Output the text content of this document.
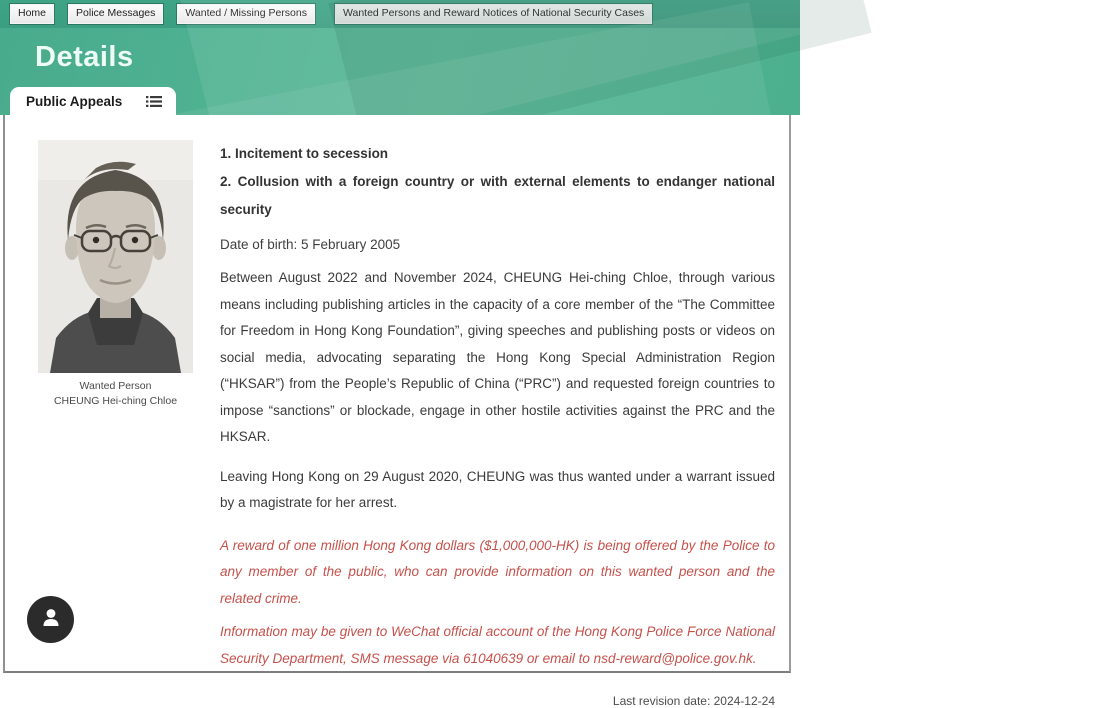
Home	Police Messages
Details
Public Appeals
Wanted Person
CHEUNG Hei-ching Chloe
1. Incitement to secession
2. Collusion with a foreign country or with external elements to endanger national security
Date of birth: 5 February 2005

Between August 2022 and November 2024, CHEUNG Hei-ching Chloe, through various means including publishing articles in the capacity of a core member of the “The Committee for Freedom in Hong Kong Foundation”, giving speeches and publishing posts or videos on social media, advocating separating the Hong Kong Special Administration Region (“HKSAR”) from the People’s Republic of China (“PRC”) and requested foreign countries to impose “sanctions” or blockade, engage in other hostile activities against the PRC and the HKSAR.

Leaving Hong Kong on 29 August 2020, CHEUNG was thus wanted under a warrant issued by a magistrate for her arrest.

A reward of one million Hong Kong dollars ($1,000,000-HK) is being offered by the Police to any member of the public, who can provide information on this wanted person and the related crime.

Information may be given to WeChat official account of the Hong Kong Police Force National Security Department, SMS message via 61040639 or email to nsd-reward@police.gov.hk.

Last revision date: 2024-12-24
